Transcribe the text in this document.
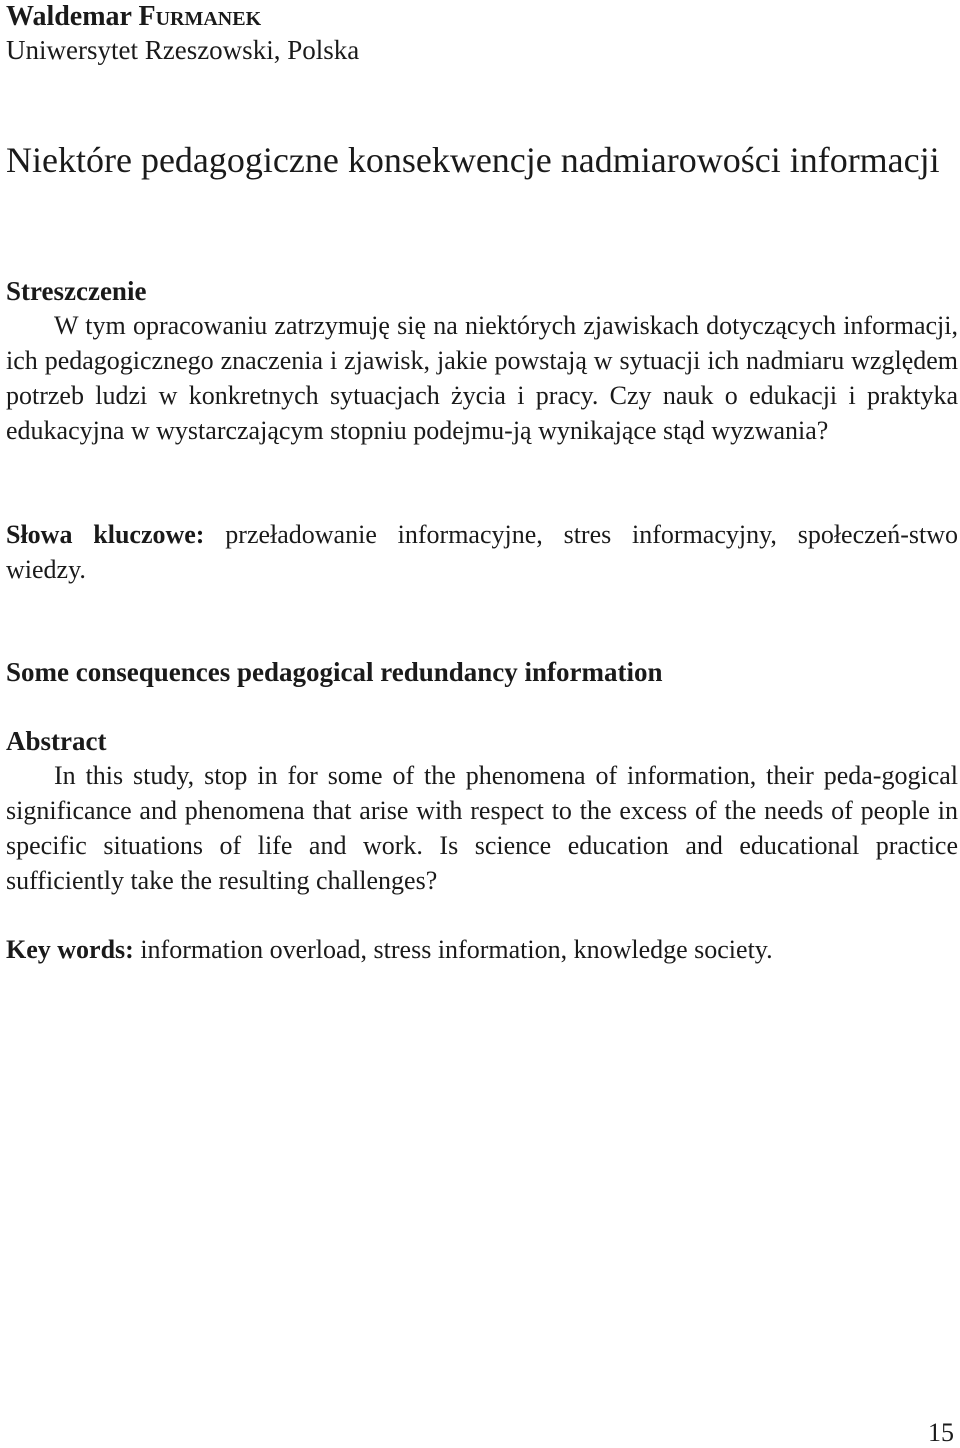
Waldemar Furmanek
Uniwersytet Rzeszowski, Polska
Niektóre pedagogiczne konsekwencje nadmiarowości informacji
Streszczenie

W tym opracowaniu zatrzymuję się na niektórych zjawiskach dotyczących informacji, ich pedagogicznego znaczenia i zjawisk, jakie powstają w sytuacji ich nadmiaru względem potrzeb ludzi w konkretnych sytuacjach życia i pracy. Czy nauk o edukacji i praktyka edukacyjna w wystarczającym stopniu podejmu-ją wynikające stąd wyzwania?

Słowa kluczowe: przeładowanie informacyjne, stres informacyjny, społeczeń-stwo wiedzy.

Some consequences pedagogical redundancy information
Abstract

In this study, stop in for some of the phenomena of information, their peda-gogical significance and phenomena that arise with respect to the excess of the needs of people in specific situations of life and work. Is science education and educational practice sufficiently take the resulting challenges?

Key words: information overload, stress information, knowledge society.

15
